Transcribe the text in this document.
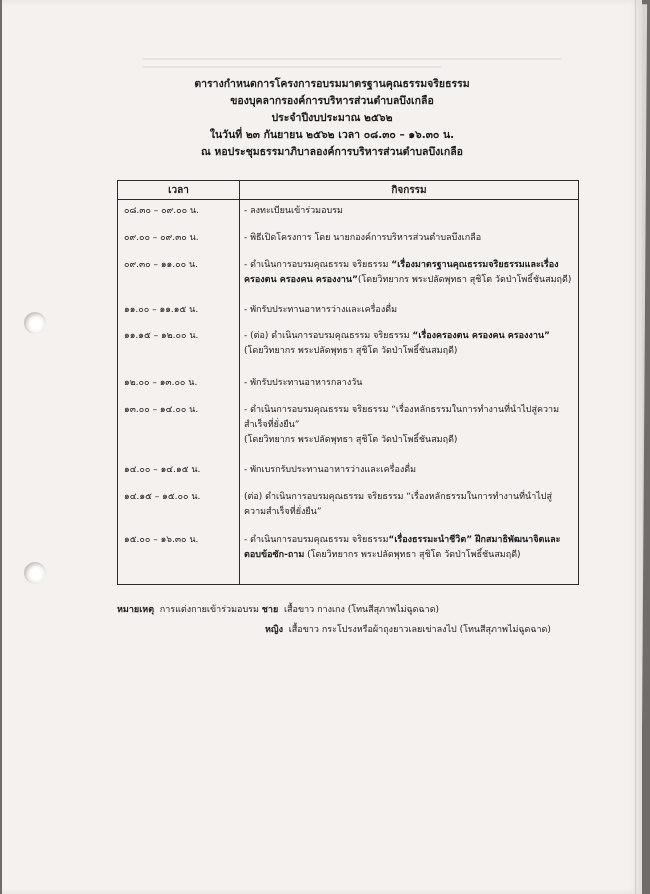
ตารางกำหนดการโครงการอบรมมาตรฐานคุณธรรมจริยธรรม
ของบุคลากรองค์การบริหารส่วนตำบลบึงเกลือ
ประจำปีงบประมาณ ๒๕๖๒
ในวันที่ ๒๓ กันยายน ๒๕๖๒ เวลา ๐๘.๓๐ – ๑๖.๓๐ น.
ณ หอประชุมธรรมาภิบาลองค์การบริหารส่วนตำบลบึงเกลือ
เวลา	กิจกรรม
๐๘.๓๐ – ๐๙.๐๐ น.	- ลงทะเบียนเข้าร่วมอบรม
๐๙.๐๐ – ๐๙.๓๐ น.	- พิธีเปิดโครงการ โดย นายกองค์การบริหารส่วนตำบลบึงเกลือ
๐๙.๓๐ – ๑๑.๐๐ น.	- ดำเนินการอบรมคุณธรรม จริยธรรม “เรื่องมาตรฐานคุณธรรมจริยธรรมและเรื่องครองตน ครองคน ครองงาน”(โดยวิทยากร พระปลัดพุทธา สุชิโต วัดป่าโพธิ์ชันสมฤดี)
๑๑.๐๐ – ๑๑.๑๕ น.	- พักรับประทานอาหารว่างและเครื่องดื่ม
๑๑.๑๕ – ๑๒.๐๐ น.	- (ต่อ) ดำเนินการอบรมคุณธรรม จริยธรรม “เรื่องครองตน ครองคน ครองงาน”
(โดยวิทยากร พระปลัดพุทธา สุชิโต วัดป่าโพธิ์ชันสมฤดี)
๑๒.๐๐ – ๑๓.๐๐ น.	- พักรับประทานอาหารกลางวัน
๑๓.๐๐ – ๑๔.๐๐ น.	- ดำเนินการอบรมคุณธรรม จริยธรรม “เรื่องหลักธรรมในการทำงานที่นำไปสู่ความสำเร็จที่ยั่งยืน”
(โดยวิทยากร พระปลัดพุทธา สุชิโต วัดป่าโพธิ์ชันสมฤดี)
๑๔.๐๐ – ๑๔.๑๕ น.	- พักเบรกรับประทานอาหารว่างและเครื่องดื่ม
๑๔.๑๕ – ๑๕.๐๐ น.	(ต่อ) ดำเนินการอบรมคุณธรรม จริยธรรม “เรื่องหลักธรรมในการทำงานที่นำไปสู่ความสำเร็จที่ยั่งยืน”
๑๕.๐๐ – ๑๖.๓๐ น.	- ดำเนินการอบรมคุณธรรม จริยธรรม“เรื่องธรรมะนำชีวิต” ฝึกสมาธิพัฒนาจิตและตอบข้อซัก-ถาม (โดยวิทยากร พระปลัดพุทธา สุชิโต วัดป่าโพธิ์ชันสมฤดี)
หมายเหตุ การแต่งกายเข้าร่วมอบรม ชาย เสื้อขาว กางเกง (โทนสีสุภาพไม่ฉูดฉาด)
หญิง เสื้อขาว กระโปรงหรือผ้าถุงยาวเลยเข่าลงไป (โทนสีสุภาพไม่ฉูดฉาด)
